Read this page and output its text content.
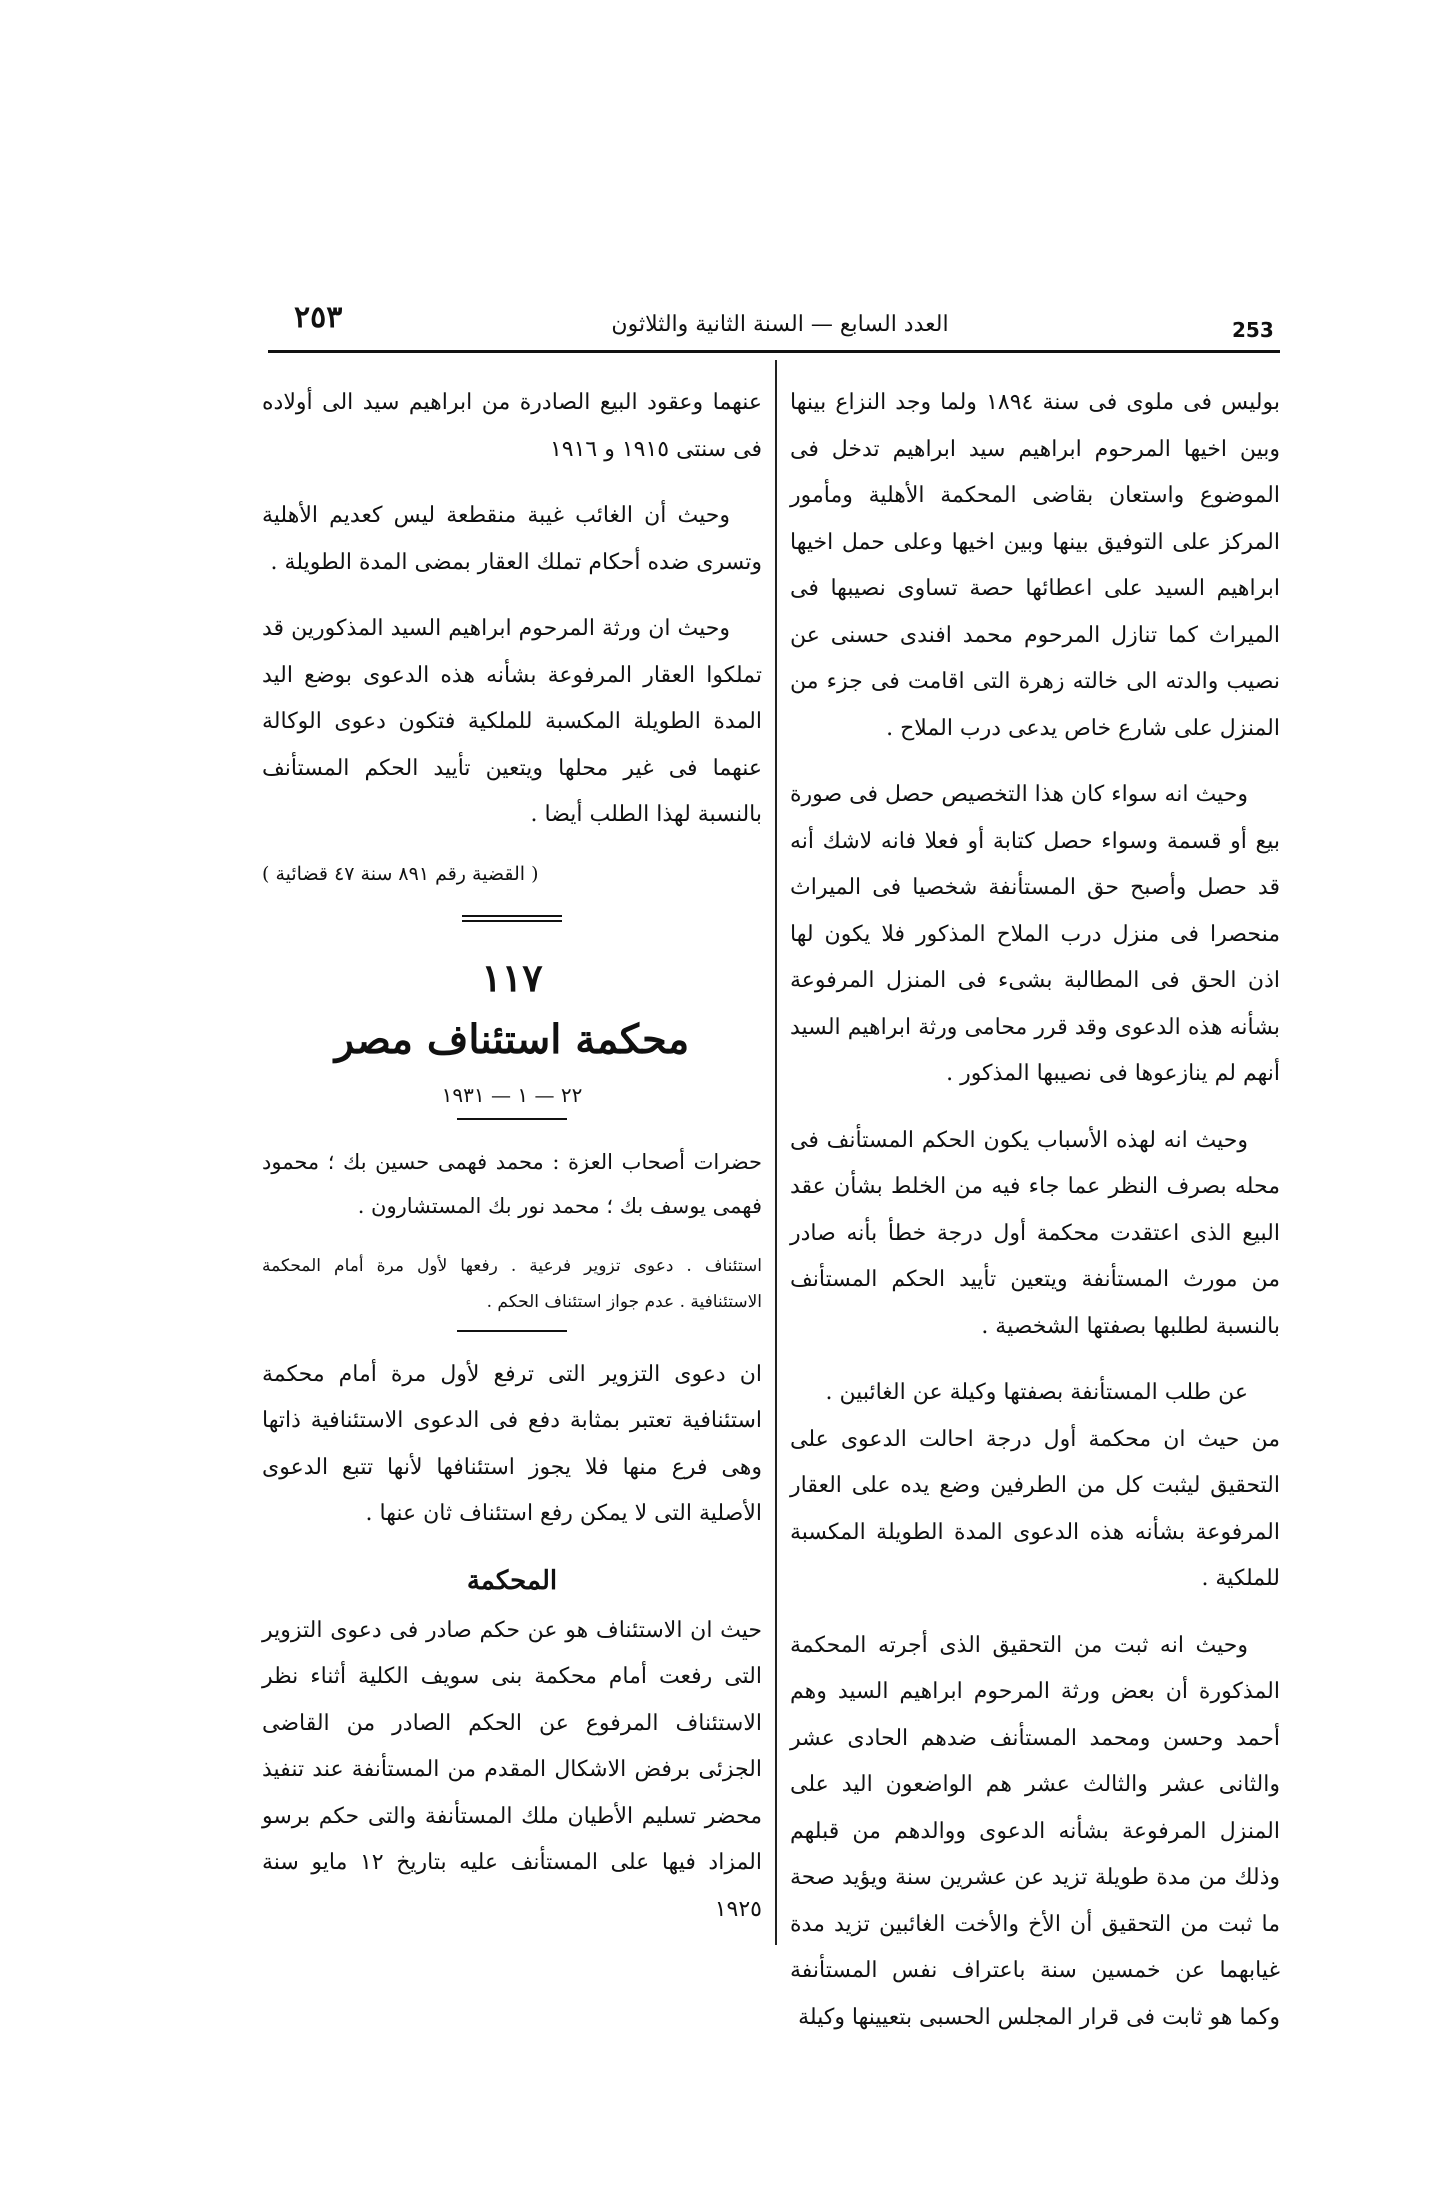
٢٥٣	العدد السابع — السنة الثانية والثلاثون	253

بوليس فى ملوى فى سنة ١٨٩٤ ولما وجد النزاع بينها وبين اخيها المرحوم ابراهيم سيد ابراهيم تدخل فى الموضوع واستعان بقاضى المحكمة الأهلية ومأمور المركز على التوفيق بينها وبين اخيها وعلى حمل اخيها ابراهيم السيد على اعطائها حصة تساوى نصيبها فى الميراث كما تنازل المرحوم محمد افندى حسنى عن نصيب والدته الى خالته زهرة التى اقامت فى جزء من المنزل على شارع خاص يدعى درب الملاح .

وحيث انه سواء كان هذا التخصيص حصل فى صورة بيع أو قسمة وسواء حصل كتابة أو فعلا فانه لاشك أنه قد حصل وأصبح حق المستأنفة شخصيا فى الميراث منحصرا فى منزل درب الملاح المذكور فلا يكون لها اذن الحق فى المطالبة بشىء فى المنزل المرفوعة بشأنه هذه الدعوى وقد قرر محامى ورثة ابراهيم السيد أنهم لم ينازعوها فى نصيبها المذكور .

وحيث انه لهذه الأسباب يكون الحكم المستأنف فى محله بصرف النظر عما جاء فيه من الخلط بشأن عقد البيع الذى اعتقدت محكمة أول درجة خطأ بأنه صادر من مورث المستأنفة ويتعين تأييد الحكم المستأنف بالنسبة لطلبها بصفتها الشخصية .

عن طلب المستأنفة بصفتها وكيلة عن الغائبين .

من حيث ان محكمة أول درجة احالت الدعوى على التحقيق ليثبت كل من الطرفين وضع يده على العقار المرفوعة بشأنه هذه الدعوى المدة الطويلة المكسبة للملكية .

وحيث انه ثبت من التحقيق الذى أجرته المحكمة المذكورة أن بعض ورثة المرحوم ابراهيم السيد وهم أحمد وحسن ومحمد المستأنف ضدهم الحادى عشر والثانى عشر والثالث عشر هم الواضعون اليد على المنزل المرفوعة بشأنه الدعوى ووالدهم من قبلهم وذلك من مدة طويلة تزيد عن عشرين سنة ويؤيد صحة ما ثبت من التحقيق أن الأخ والأخت الغائبين تزيد مدة غيابهما عن خمسين سنة باعتراف نفس المستأنفة وكما هو ثابت فى قرار المجلس الحسبى بتعيينها وكيلة

عنهما وعقود البيع الصادرة من ابراهيم سيد الى أولاده فى سنتى ١٩١٥ و ١٩١٦

وحيث أن الغائب غيبة منقطعة ليس كعديم الأهلية وتسرى ضده أحكام تملك العقار بمضى المدة الطويلة .

وحيث ان ورثة المرحوم ابراهيم السيد المذكورين قد تملكوا العقار المرفوعة بشأنه هذه الدعوى بوضع اليد المدة الطويلة المكسبة للملكية فتكون دعوى الوكالة عنهما فى غير محلها ويتعين تأييد الحكم المستأنف بالنسبة لهذا الطلب أيضا .

( القضية رقم ٨٩١ سنة ٤٧ قضائية )
١١٧
محكمة استئناف مصر
٢٢ — ١ — ١٩٣١
حضرات أصحاب العزة : محمد فهمى حسين بك ؛ محمود فهمى يوسف بك ؛ محمد نور بك المستشارون .
استئناف . دعوى تزوير فرعية . رفعها لأول مرة أمام المحكمة الاستئنافية . عدم جواز استئناف الحكم .

ان دعوى التزوير التى ترفع لأول مرة أمام محكمة استئنافية تعتبر بمثابة دفع فى الدعوى الاستئنافية ذاتها وهى فرع منها فلا يجوز استئنافها لأنها تتبع الدعوى الأصلية التى لا يمكن رفع استئناف ثان عنها .

المحكمة

حيث ان الاستئناف هو عن حكم صادر فى دعوى التزوير التى رفعت أمام محكمة بنى سويف الكلية أثناء نظر الاستئناف المرفوع عن الحكم الصادر من القاضى الجزئى برفض الاشكال المقدم من المستأنفة عند تنفيذ محضر تسليم الأطيان ملك المستأنفة والتى حكم برسو المزاد فيها على المستأنف عليه بتاريخ ١٢ مايو سنة ١٩٢٥
